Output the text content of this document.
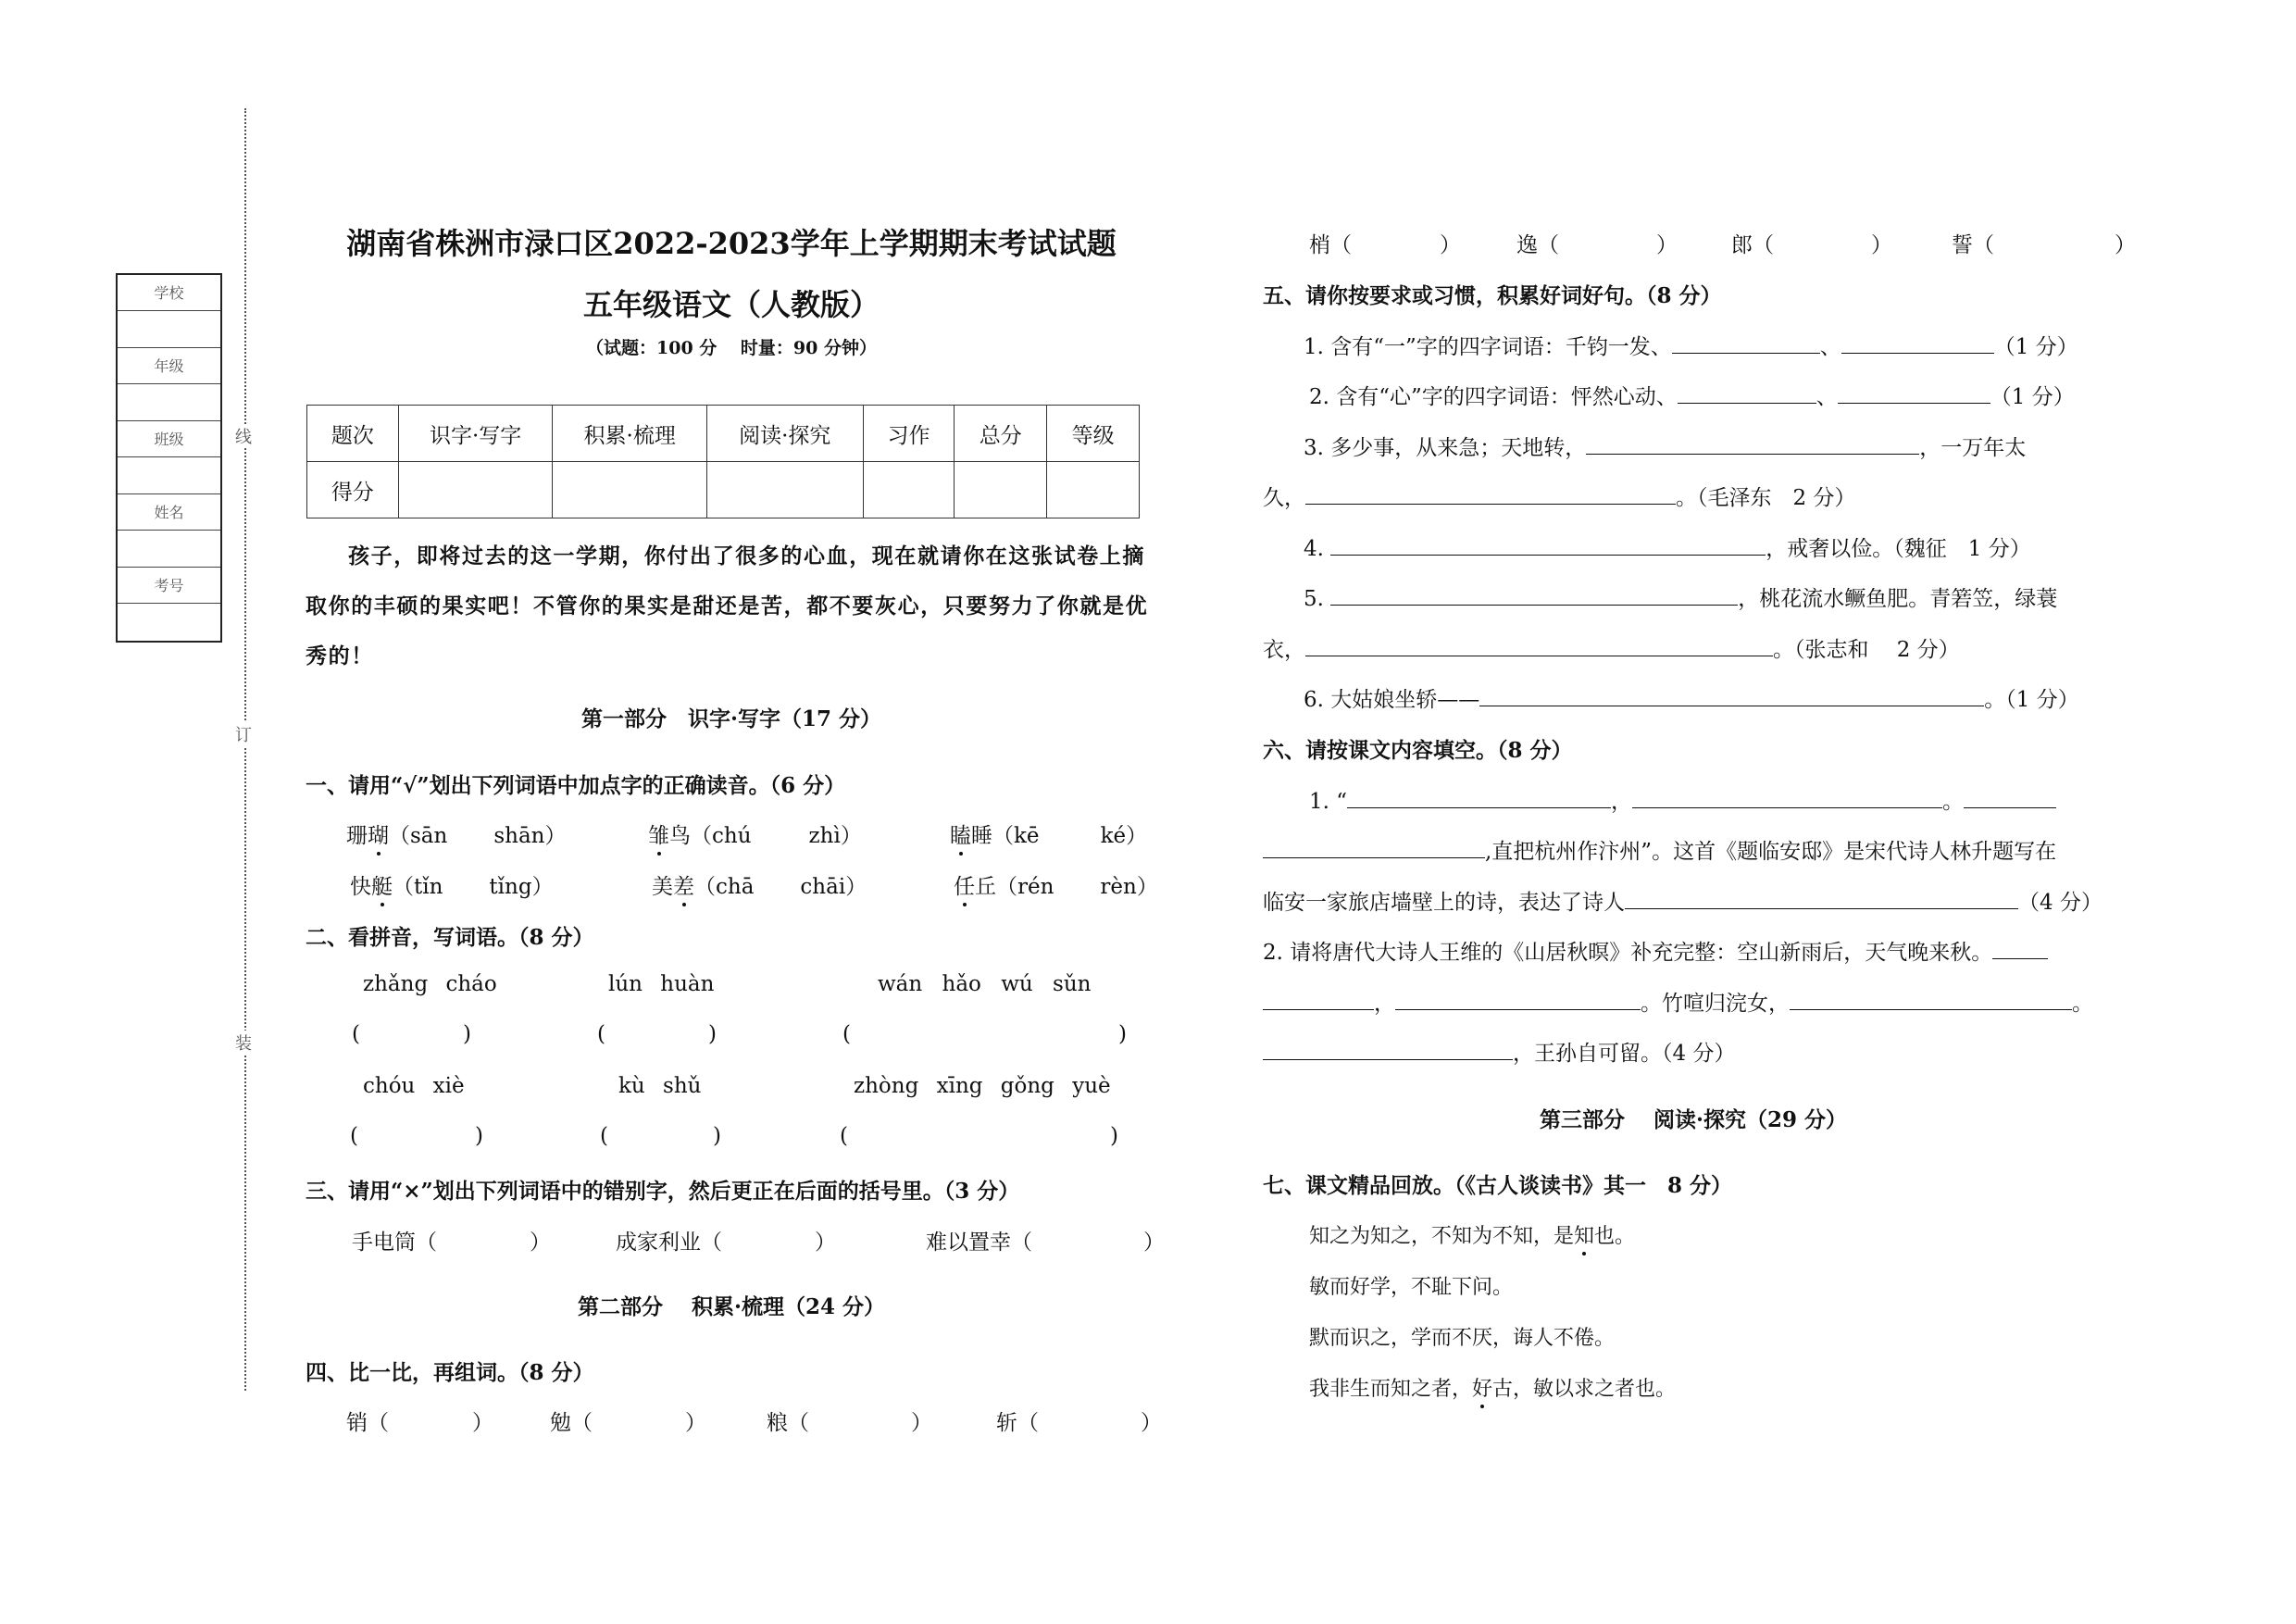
线
订
装
学校
年级
班级
姓名
考号
湖南省株洲市渌口区2022-2023学年上学期期末考试试题
五年级语文（人教版）
（试题：100 分　 时量：90 分钟）
题次	识字·写字	积累·梳理	阅读·探究	习作	总分	等级
得分						
孩子，即将过去的这一学期，你付出了很多的心血，现在就请你在这张试卷上摘取你的丰硕的果实吧！不管你的果实是甜还是苦，都不要灰心，只要努力了你就是优秀的！
第一部分　识字·写字（17 分）
一、请用“√”划出下列词语中加点字的正确读音。（6 分）
珊瑚（sān shān）	雏鸟（chú	zhì）	瞌睡（kē	ké）
快艇（tǐn tǐng）	美差（chā chāi）	任丘（rén rèn）
二、看拼音，写词语。（8 分）
zhǎng cháo	lún huàn	wán hǎo wú sǔn
(	)	(	)	(	)
chóu xiè	kù shǔ	zhòng xīng gǒng yuè
(	)	(	)	(	)
三、请用“×”划出下列词语中的错别字，然后更正在后面的括号里。（3 分）
手电筒（	）	成家利业（	）	难以置幸（	）
第二部分　 积累·梳理（24 分）
四、比一比，再组词。（8 分）
销（	）	勉（	）	粮（	）	斩（	）
梢（	）	逸（	）	郎（	）	誓（	）
五、请你按要求或习惯，积累好词好句。（8 分）
1. 含有“一”字的四字词语：千钧一发、	、	（1 分）
2. 含有“心”字的四字词语：怦然心动、	、	（1 分）
3. 多少事，从来急；天地转，	，一万年太
久，	。（毛泽东　2 分）
4.	，戒奢以俭。（魏征　1 分）
5.	，桃花流水鳜鱼肥。青箬笠，绿蓑
衣，	。（张志和　 2 分）
6. 大姑娘坐轿——	。（1 分）
六、请按课文内容填空。（8 分）
1. “	，	。
,直把杭州作汴州”。这首《题临安邸》是宋代诗人林升题写在
临安一家旅店墙壁上的诗，表达了诗人	（4 分）
2. 请将唐代大诗人王维的《山居秋暝》补充完整：空山新雨后，天气晚来秋。
，	。竹喧归浣女，	。
，王孙自可留。（4 分）
第三部分　 阅读·探究（29 分）
七、课文精品回放。（《古人谈读书》其一　8 分）
知之为知之，不知为不知，是知也。
敏而好学，不耻下问。
默而识之，学而不厌，诲人不倦。
我非生而知之者，好古，敏以求之者也。
